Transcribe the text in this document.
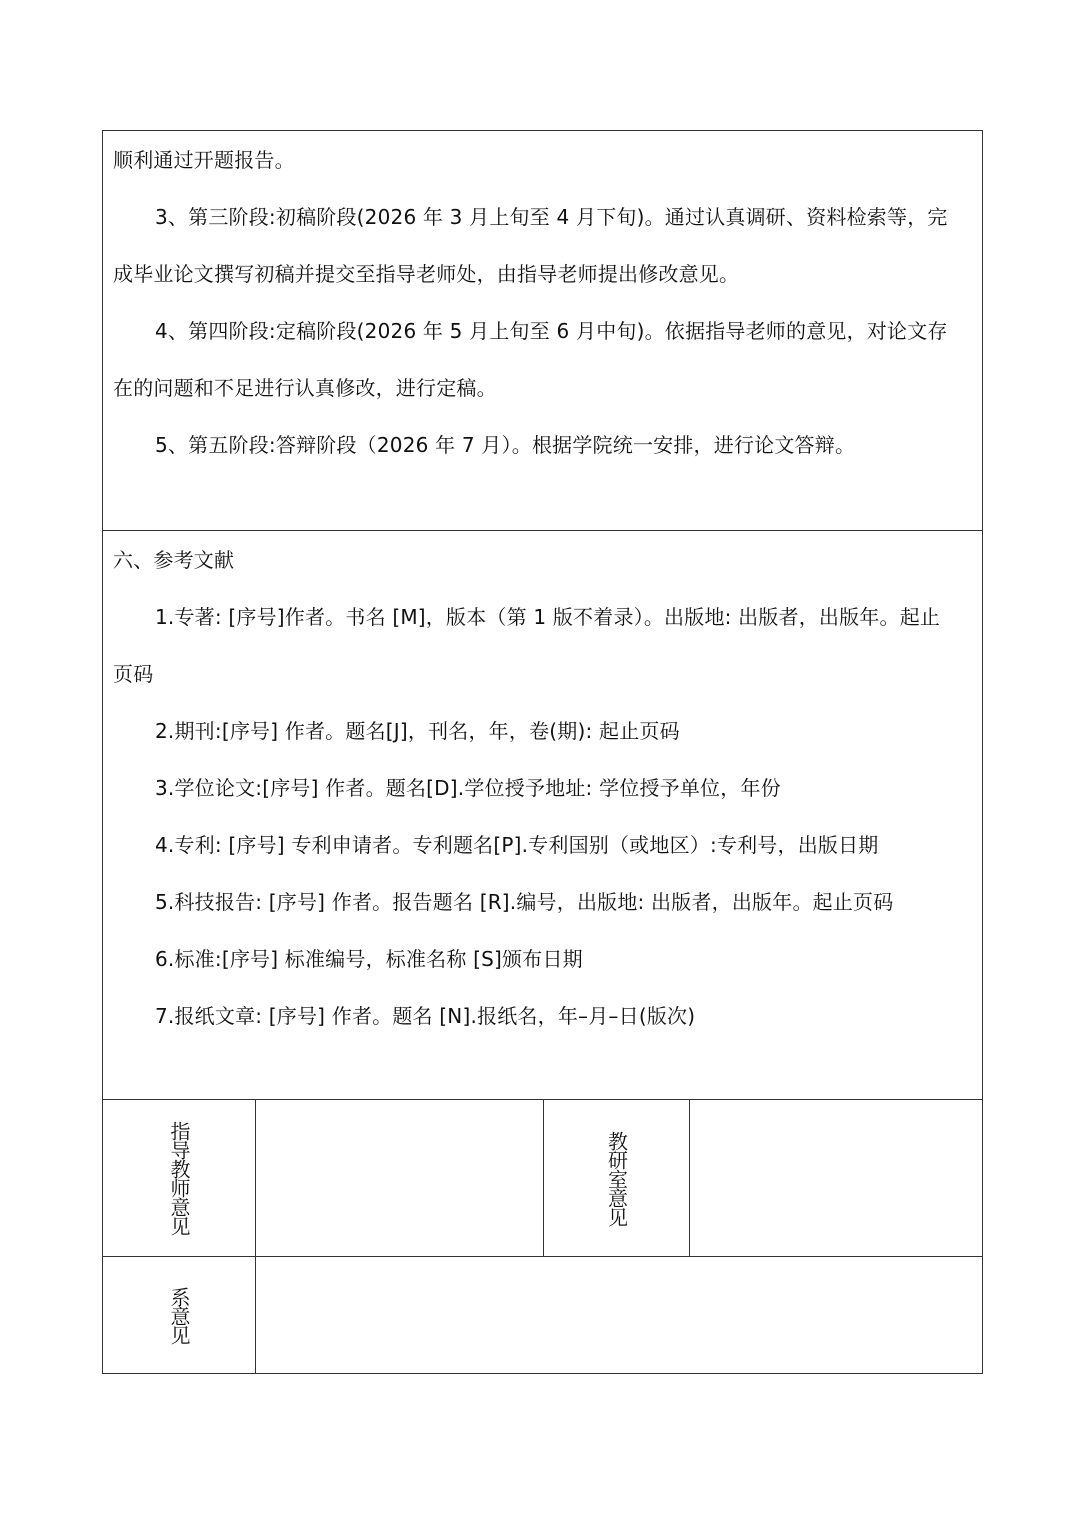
顺利通过开题报告。
3、第三阶段:初稿阶段(2026 年 3 月上旬至 4 月下旬)。通过认真调研、资料检索等，完
成毕业论文撰写初稿并提交至指导老师处，由指导老师提出修改意见。
4、第四阶段:定稿阶段(2026 年 5 月上旬至 6 月中旬)。依据指导老师的意见，对论文存
在的问题和不足进行认真修改，进行定稿。
5、第五阶段:答辩阶段（2026 年 7 月）。根据学院统一安排，进行论文答辩。
六、参考文献
1.专著: [序号]作者。书名 [M]，版本（第 1 版不着录）。出版地: 出版者，出版年。起止
页码
2.期刊:[序号] 作者。题名[J]，刊名，年，卷(期): 起止页码
3.学位论文:[序号] 作者。题名[D].学位授予地址: 学位授予单位，年份
4.专利: [序号] 专利申请者。专利题名[P].专利国别（或地区）:专利号，出版日期
5.科技报告: [序号] 作者。报告题名 [R].编号，出版地: 出版者，出版年。起止页码
6.标准:[序号] 标准编号，标准名称 [S]颁布日期
7.报纸文章: [序号] 作者。题名 [N].报纸名，年–月–日(版次)
指导教师意见	教研室意见
系意见
